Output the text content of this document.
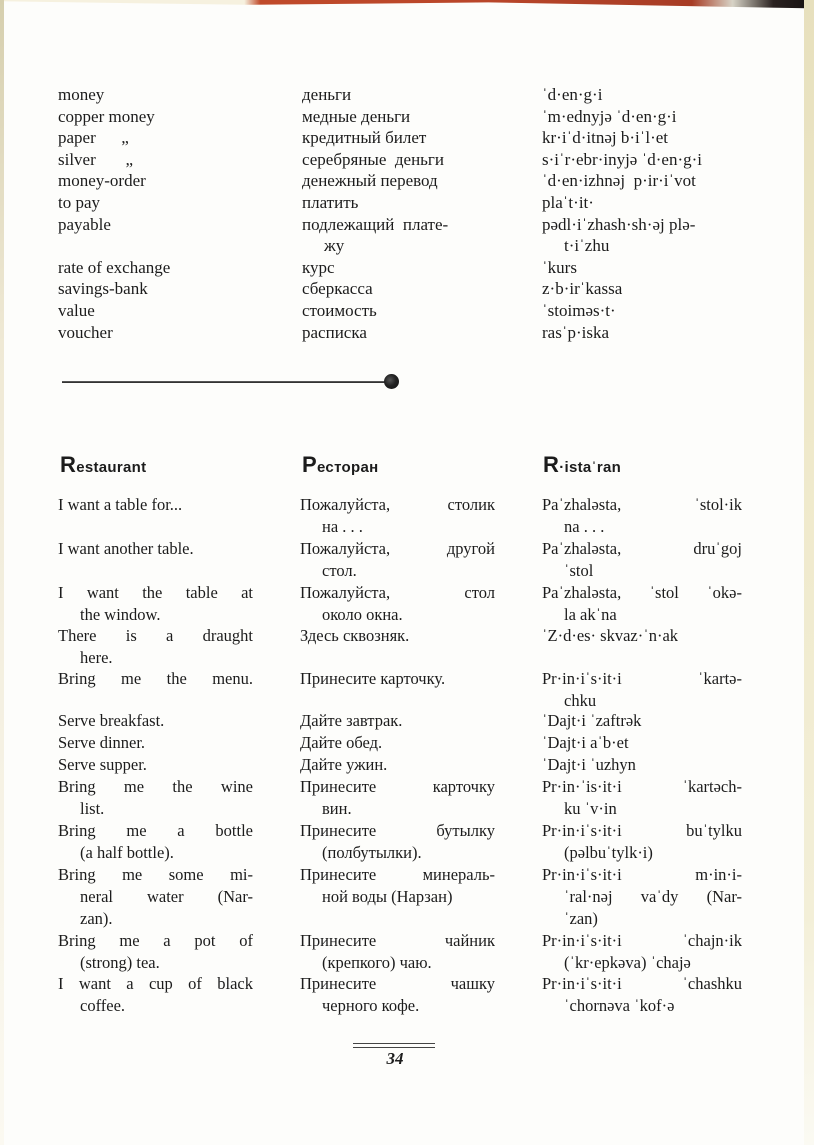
money
copper money
paper      „
silver       „
money-order
to pay
payable
rate of exchange
savings-bank
value
voucher
деньги
медные деньги
кредитный билет
серебряные  деньги
денежный перевод
платить
подлежащий  плате-
жу
курс
сберкасса
стоимость
расписка
ˈd·en·g·i
ˈm·ednyjə ˈd·en·g·i
kr·iˈd·itnəj b·iˈl·et
s·iˈr·ebr·inyjə ˈd·en·g·i
ˈd·en·izhnəj  p·ir·iˈvot
plaˈt·it·
pədl·iˈzhash·sh·əj plə-
t·iˈzhu
ˈkurs
z·b·irˈkassa
ˈstoiməs·t·
rasˈp·iska
Restaurant	Ресторан	R·istaˈran
I want a table for...
I want another table.
I want the table at
the window.
There is a draught
here.
Bring me the menu.
Serve breakfast.
Serve dinner.
Serve supper.
Bring me the wine
list.
Bring me a bottle
(a half bottle).
Bring me some mi-
neral water (Nar-
zan).
Bring me a pot of
(strong) tea.
I want a cup of black
coffee.
Пожалуйста, столик
на . . .
Пожалуйста, другой
стол.
Пожалуйста, стол
около окна.
Здесь сквозняк.
Принесите карточку.
Дайте завтрак.
Дайте обед.
Дайте ужин.
Принесите карточку
вин.
Принесите бутылку
(полбутылки).
Принесите минераль-
ной воды (Нарзан)
Принесите чайник
(крепкого) чаю.
Принесите чашку
черного кофе.
Paˈzhaləsta, ˈstol·ik
na . . .
Paˈzhaləsta, druˈgoj
ˈstol
Paˈzhaləsta, ˈstol ˈokə-
la akˈna
ˈZ·d·es· skvaz·ˈn·ak
Pr·in·iˈs·it·i ˈkartə-
chku
ˈDajt·i ˈzaftrək
ˈDajt·i aˈb·et
ˈDajt·i ˈuzhyn
Pr·in·ˈis·it·i ˈkartəch-
ku ˈv·in
Pr·in·iˈs·it·i buˈtylku
(pəlbuˈtylk·i)
Pr·in·iˈs·it·i m·in·i-
ˈral·nəj vaˈdy (Nar-
ˈzan)
Pr·in·iˈs·it·i ˈchajn·ik
(ˈkr·epkəva) ˈchajə
Pr·in·iˈs·it·i ˈchashku
ˈchornəva ˈkof·ə
34
